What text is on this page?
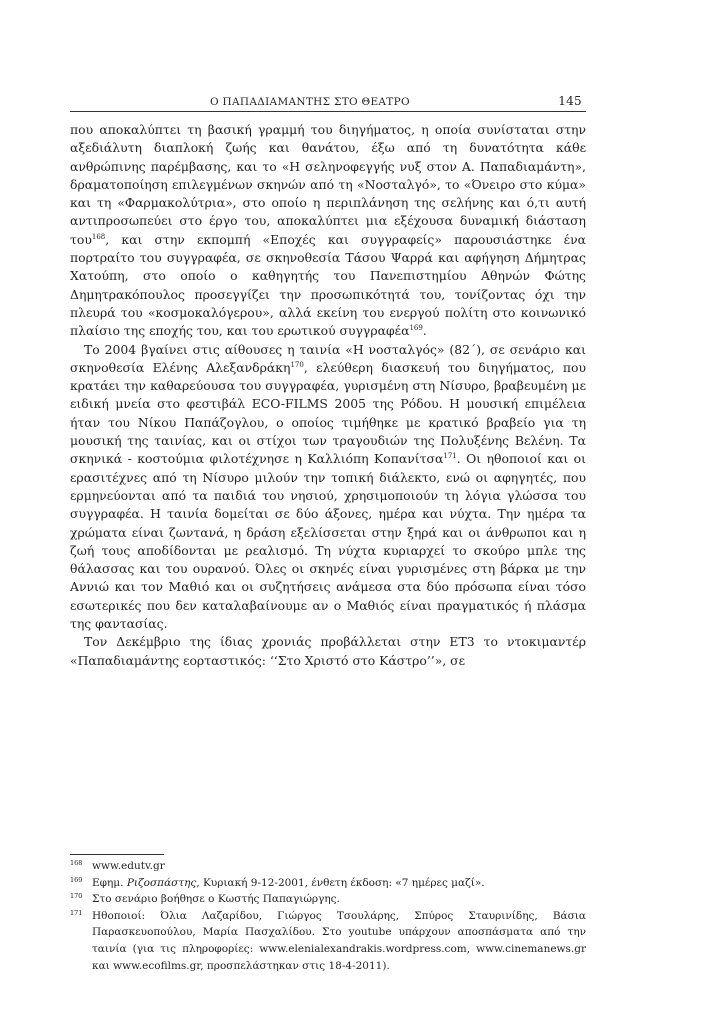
Ο ΠΑΠΑΔΙΑΜΑΝΤΗΣ ΣΤΟ ΘΕΑΤΡΟ	145

που αποκαλύπτει τη βασική γραμμή του διηγήματος, η οποία συνίσταται στην αξεδιάλυτη διαπλοκή ζωής και θανάτου, έξω από τη δυνατότητα κάθε ανθρώπινης παρέμβασης, και το «Η σεληνοφεγγής νυξ στον Α. Παπαδιαμάντη», δραματοποίηση επιλεγμένων σκηνών από τη «Νοσταλγό», το «Όνειρο στο κύμα» και τη «Φαρμακολύτρια», στο οποίο η περιπλάνηση της σελήνης και ό,τι αυτή αντιπροσωπεύει στο έργο του, αποκαλύπτει μια εξέχουσα δυναμική διάσταση του$^{168}$, και στην εκπομπή «Εποχές και συγγραφείς» παρουσιάστηκε ένα πορτραίτο του συγγραφέα, σε σκηνοθεσία Τάσου Ψαρρά και αφήγηση Δήμητρας Χατούπη, στο οποίο ο καθηγητής του Πανεπιστημίου Αθηνών Φώτης Δημητρακόπουλος προσεγγίζει την προσωπικότητά του, τονίζοντας όχι την πλευρά του «κοσμοκαλόγερου», αλλά εκείνη του ενεργού πολίτη στο κοινωνικό πλαίσιο της εποχής του, και του ερωτικού συγγραφέα$^{169}$.

Το 2004 βγαίνει στις αίθουσες η ταινία «Η νοσταλγός» (82΄), σε σενάριο και σκηνοθεσία Ελένης Αλεξανδράκη$^{170}$, ελεύθερη διασκευή του διηγήματος, που κρατάει την καθαρεύουσα του συγγραφέα, γυρισμένη στη Νίσυρο, βραβευμένη με ειδική μνεία στο φεστιβάλ ECO-FILMS 2005 της Ρόδου. Η μουσική επιμέλεια ήταν του Νίκου Παπάζογλου, ο οποίος τιμήθηκε με κρατικό βραβείο για τη μουσική της ταινίας, και οι στίχοι των τραγουδιών της Πολυξένης Βελένη. Τα σκηνικά - κοστούμια φιλοτέχνησε η Καλλιόπη Κοπανίτσα$^{171}$. Οι ηθοποιοί και οι ερασιτέχνες από τη Νίσυρο μιλούν την τοπική διάλεκτο, ενώ οι αφηγητές, που ερμηνεύονται από τα παιδιά του νησιού, χρησιμοποιούν τη λόγια γλώσσα του συγγραφέα. Η ταινία δομείται σε δύο άξονες, ημέρα και νύχτα. Την ημέρα τα χρώματα είναι ζωντανά, η δράση εξελίσσεται στην ξηρά και οι άνθρωποι και η ζωή τους αποδίδονται με ρεαλισμό. Τη νύχτα κυριαρχεί το σκούρο μπλε της θάλασσας και του ουρανού. Όλες οι σκηνές είναι γυρισμένες στη βάρκα με την Αννιώ και τον Μαθιό και οι συζητήσεις ανάμεσα στα δύο πρόσωπα είναι τόσο εσωτερικές που δεν καταλαβαίνουμε αν ο Μαθιός είναι πραγματικός ή πλάσμα της φαντασίας.

Τον Δεκέμβριο της ίδιας χρονιάς προβάλλεται στην ΕΤ3 το ντοκιμαντέρ «Παπαδιαμάντης εορταστικός: ‘‘Στο Χριστό στο Κάστρο’’», σε

$^{168}$ www.edutv.gr
$^{169}$ Εφημ. Ριζοσπάστης, Κυριακή 9-12-2001, ένθετη έκδοση: «7 ημέρες μαζί».
$^{170}$ Στο σενάριο βοήθησε ο Κωστής Παπαγιώργης.
$^{171}$ Ηθοποιοί: Όλια Λαζαρίδου, Γιώργος Τσουλάρης, Σπύρος Σταυρινίδης, Βάσια Παρασκευοπούλου, Μαρία Πασχαλίδου. Στο youtube υπάρχουν αποσπάσματα από την ταινία (για τις πληροφορίες: www.elenialexandrakis.wordpress.com, www.cinemanews.gr και www.ecofilms.gr, προσπελάστηκαν στις 18-4-2011).
